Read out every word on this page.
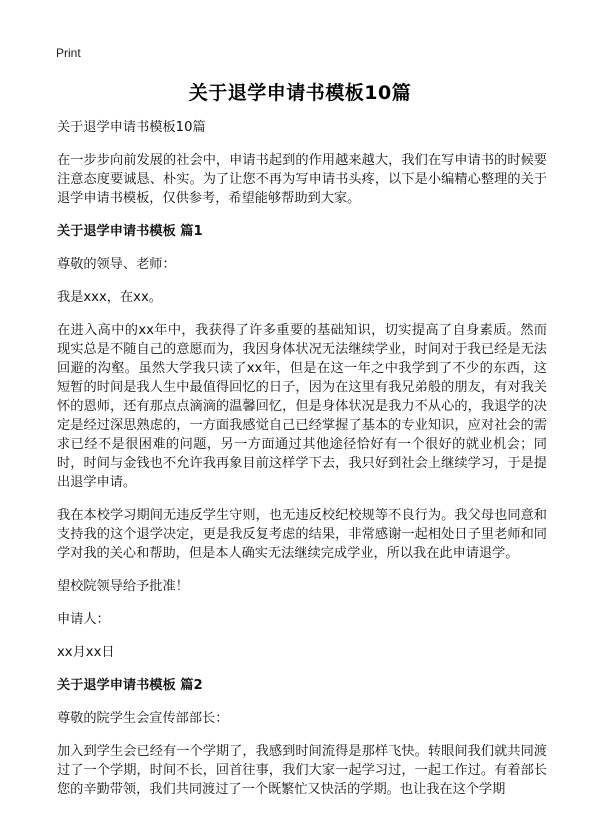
Print
关于退学申请书模板10篇

关于退学申请书模板10篇

在一步步向前发展的社会中，申请书起到的作用越来越大，我们在写申请书的时候要注意态度要诚恳、朴实。为了让您不再为写申请书头疼，以下是小编精心整理的关于退学申请书模板，仅供参考，希望能够帮助到大家。

关于退学申请书模板 篇1

尊敬的领导、老师：

我是xxx，在xx。

在进入高中的xx年中，我获得了许多重要的基础知识，切实提高了自身素质。然而现实总是不随自己的意愿而为，我因身体状况无法继续学业，时间对于我已经是无法回避的沟壑。虽然大学我只读了xx年，但是在这一年之中我学到了不少的东西，这短暂的时间是我人生中最值得回忆的日子，因为在这里有我兄弟般的朋友，有对我关怀的恩师，还有那点点滴滴的温馨回忆，但是身体状况是我力不从心的，我退学的决定是经过深思熟虑的，一方面我感觉自己已经掌握了基本的专业知识，应对社会的需求已经不是很困难的问题，另一方面通过其他途径恰好有一个很好的就业机会；同时，时间与金钱也不允许我再象目前这样学下去，我只好到社会上继续学习，于是提出退学申请。

我在本校学习期间无违反学生守则，也无违反校纪校规等不良行为。我父母也同意和支持我的这个退学决定，更是我反复考虑的结果，非常感谢一起相处日子里老师和同学对我的关心和帮助，但是本人确实无法继续完成学业，所以我在此申请退学。

望校院领导给予批准！

申请人：

xx月xx日

关于退学申请书模板 篇2

尊敬的院学生会宣传部部长：

加入到学生会已经有一个学期了，我感到时间流得是那样飞快。转眼间我们就共同渡过了一个学期，时间不长，回首往事，我们大家一起学习过，一起工作过。有着部长您的辛勤带领，我们共同渡过了一个既繁忙又快活的学期。也让我在这个学期
